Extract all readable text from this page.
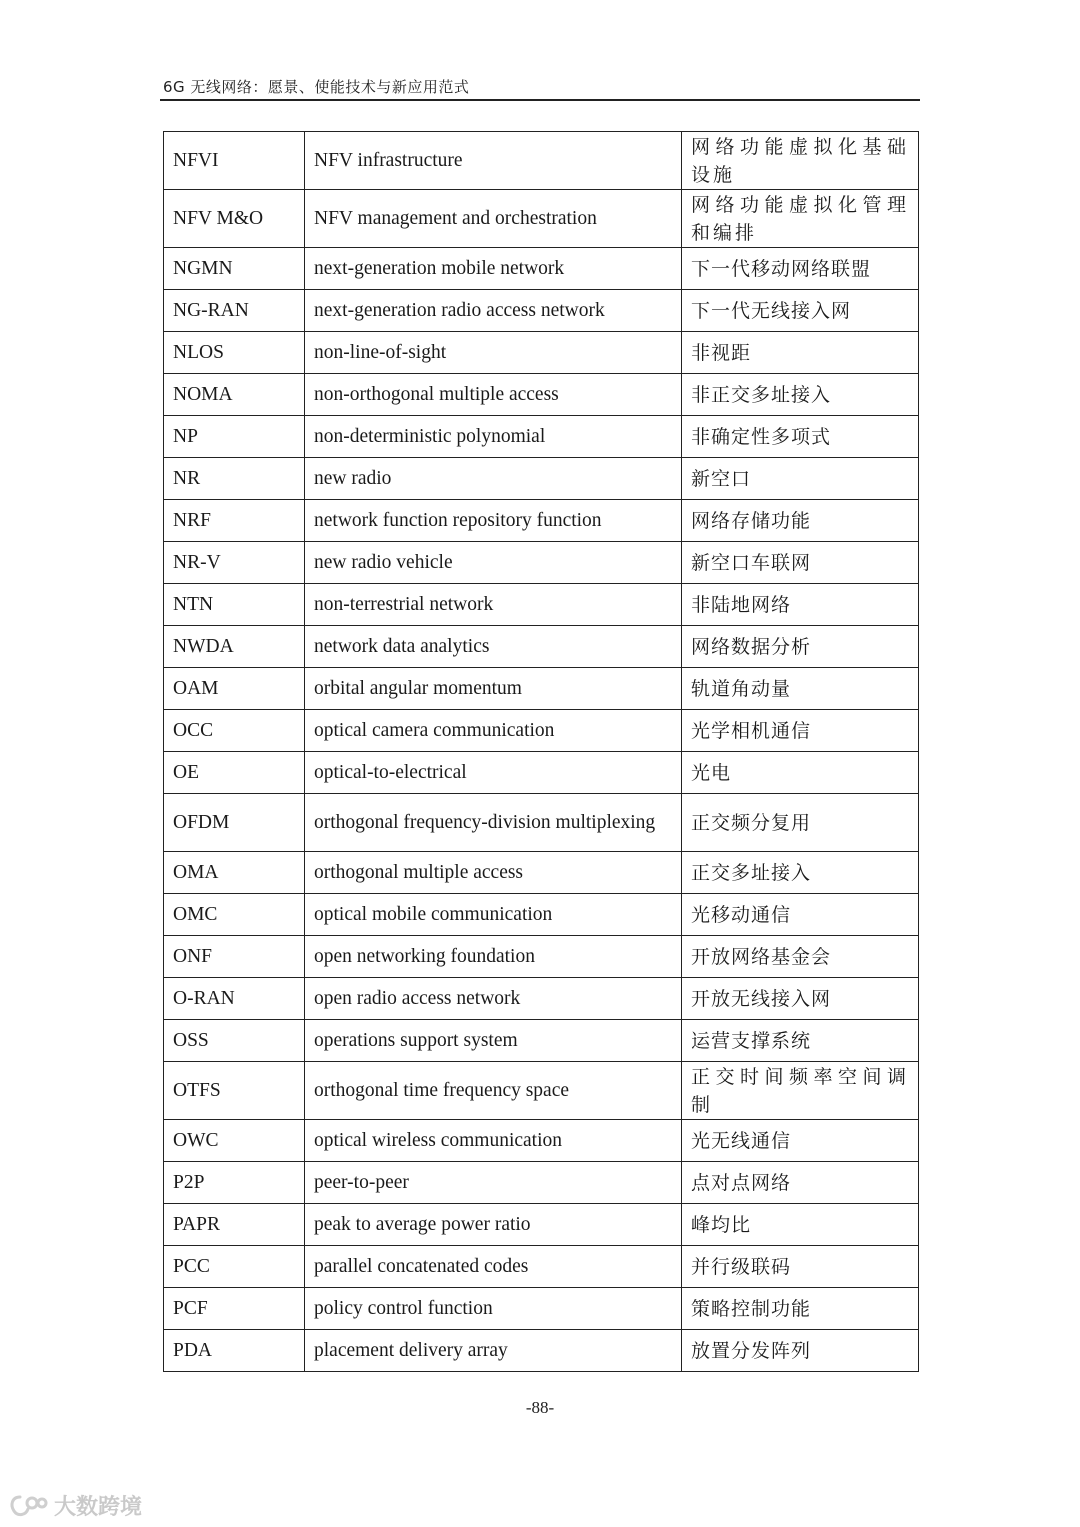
6G 无线网络：愿景、使能技术与新应用范式
NFVI	NFV infrastructure	网络功能虚拟化基础设施
NFV M&O	NFV management and orchestration	网络功能虚拟化管理和编排
NGMN	next-generation mobile network	下一代移动网络联盟
NG-RAN	next-generation radio access network	下一代无线接入网
NLOS	non-line-of-sight	非视距
NOMA	non-orthogonal multiple access	非正交多址接入
NP	non-deterministic polynomial	非确定性多项式
NR	new radio	新空口
NRF	network function repository function	网络存储功能
NR-V	new radio vehicle	新空口车联网
NTN	non-terrestrial network	非陆地网络
NWDA	network data analytics	网络数据分析
OAM	orbital angular momentum	轨道角动量
OCC	optical camera communication	光学相机通信
OE	optical-to-electrical	光电
OFDM	orthogonal frequency-division multiplexing	正交频分复用
OMA	orthogonal multiple access	正交多址接入
OMC	optical mobile communication	光移动通信
ONF	open networking foundation	开放网络基金会
O-RAN	open radio access network	开放无线接入网
OSS	operations support system	运营支撑系统
OTFS	orthogonal time frequency space	正交时间频率空间调制
OWC	optical wireless communication	光无线通信
P2P	peer-to-peer	点对点网络
PAPR	peak to average power ratio	峰均比
PCC	parallel concatenated codes	并行级联码
PCF	policy control function	策略控制功能
PDA	placement delivery array	放置分发阵列
-88-
大数跨境
